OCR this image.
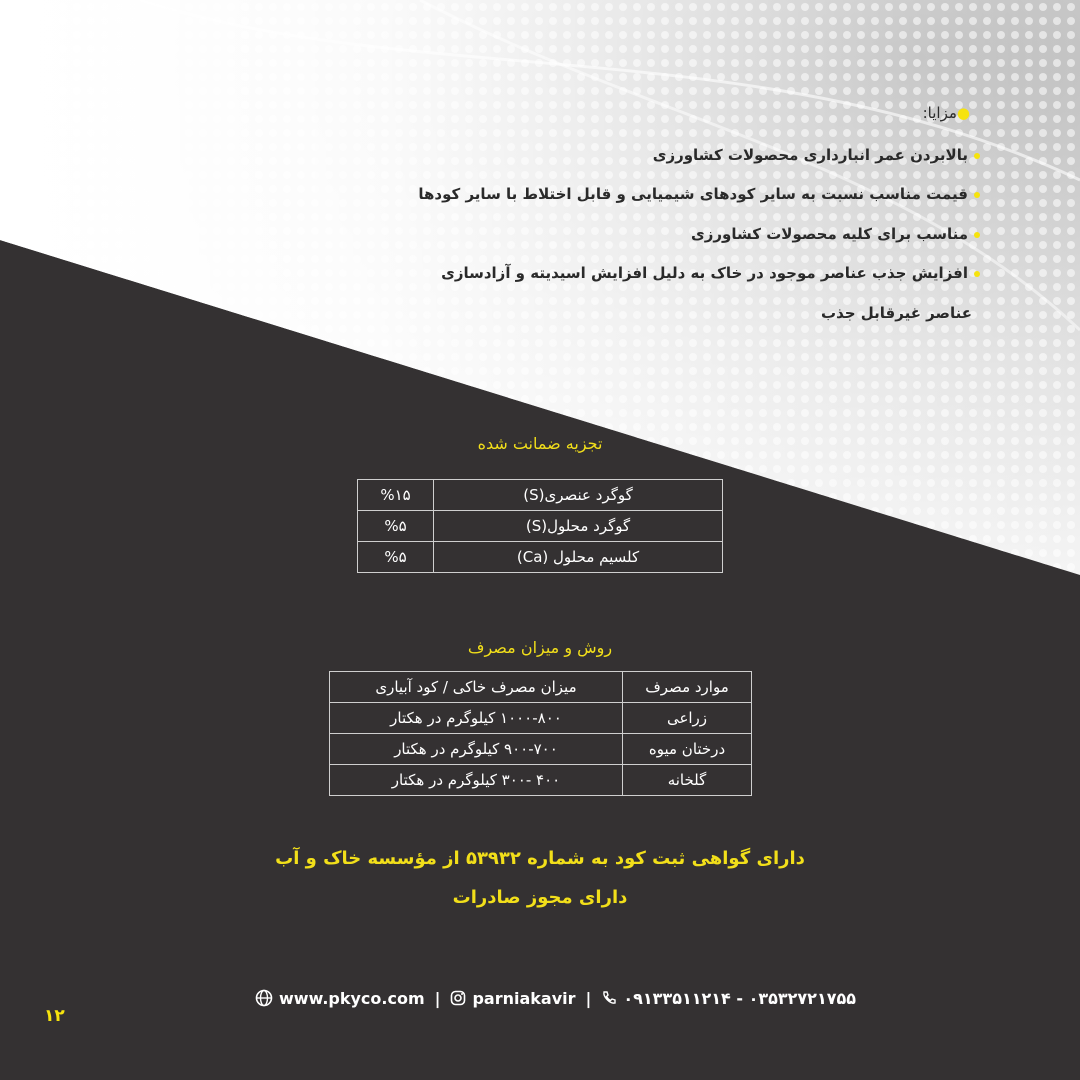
●مزایا:
بالابردن عمر انبارداری محصولات کشاورزی
قیمت مناسب نسبت به سایر کودهای شیمیایی و قابل اختلاط با سایر کودها
مناسب برای کلیه محصولات کشاورزی
افزایش جذب عناصر موجود در خاک به دلیل افزایش اسیدیته و آزادسازی
عناصر غیرقابل جذب
تجزیه ضمانت شده
گوگرد عنصری(S)	%۱۵
گوگرد محلول(S)	%۵
کلسیم محلول (Ca)	%۵
روش و میزان مصرف
موارد مصرف	میزان مصرف خاکی / کود آبیاری
زراعی	۱۰۰۰-۸۰۰ کیلوگرم در هکتار
درختان میوه	۹۰۰-۷۰۰ کیلوگرم در هکتار
گلخانه	۴۰۰ -۳۰۰ کیلوگرم در هکتار
دارای گواهی ثبت کود به شماره ۵۳۹۳۲ از مؤسسه خاک و آب
دارای مجوز صادرات
www.pkyco.com | parniakavir | ۰۹۱۳۳۵۱۱۲۱۴ - ۰۳۵۳۲۷۲۱۷۵۵
۱۲
